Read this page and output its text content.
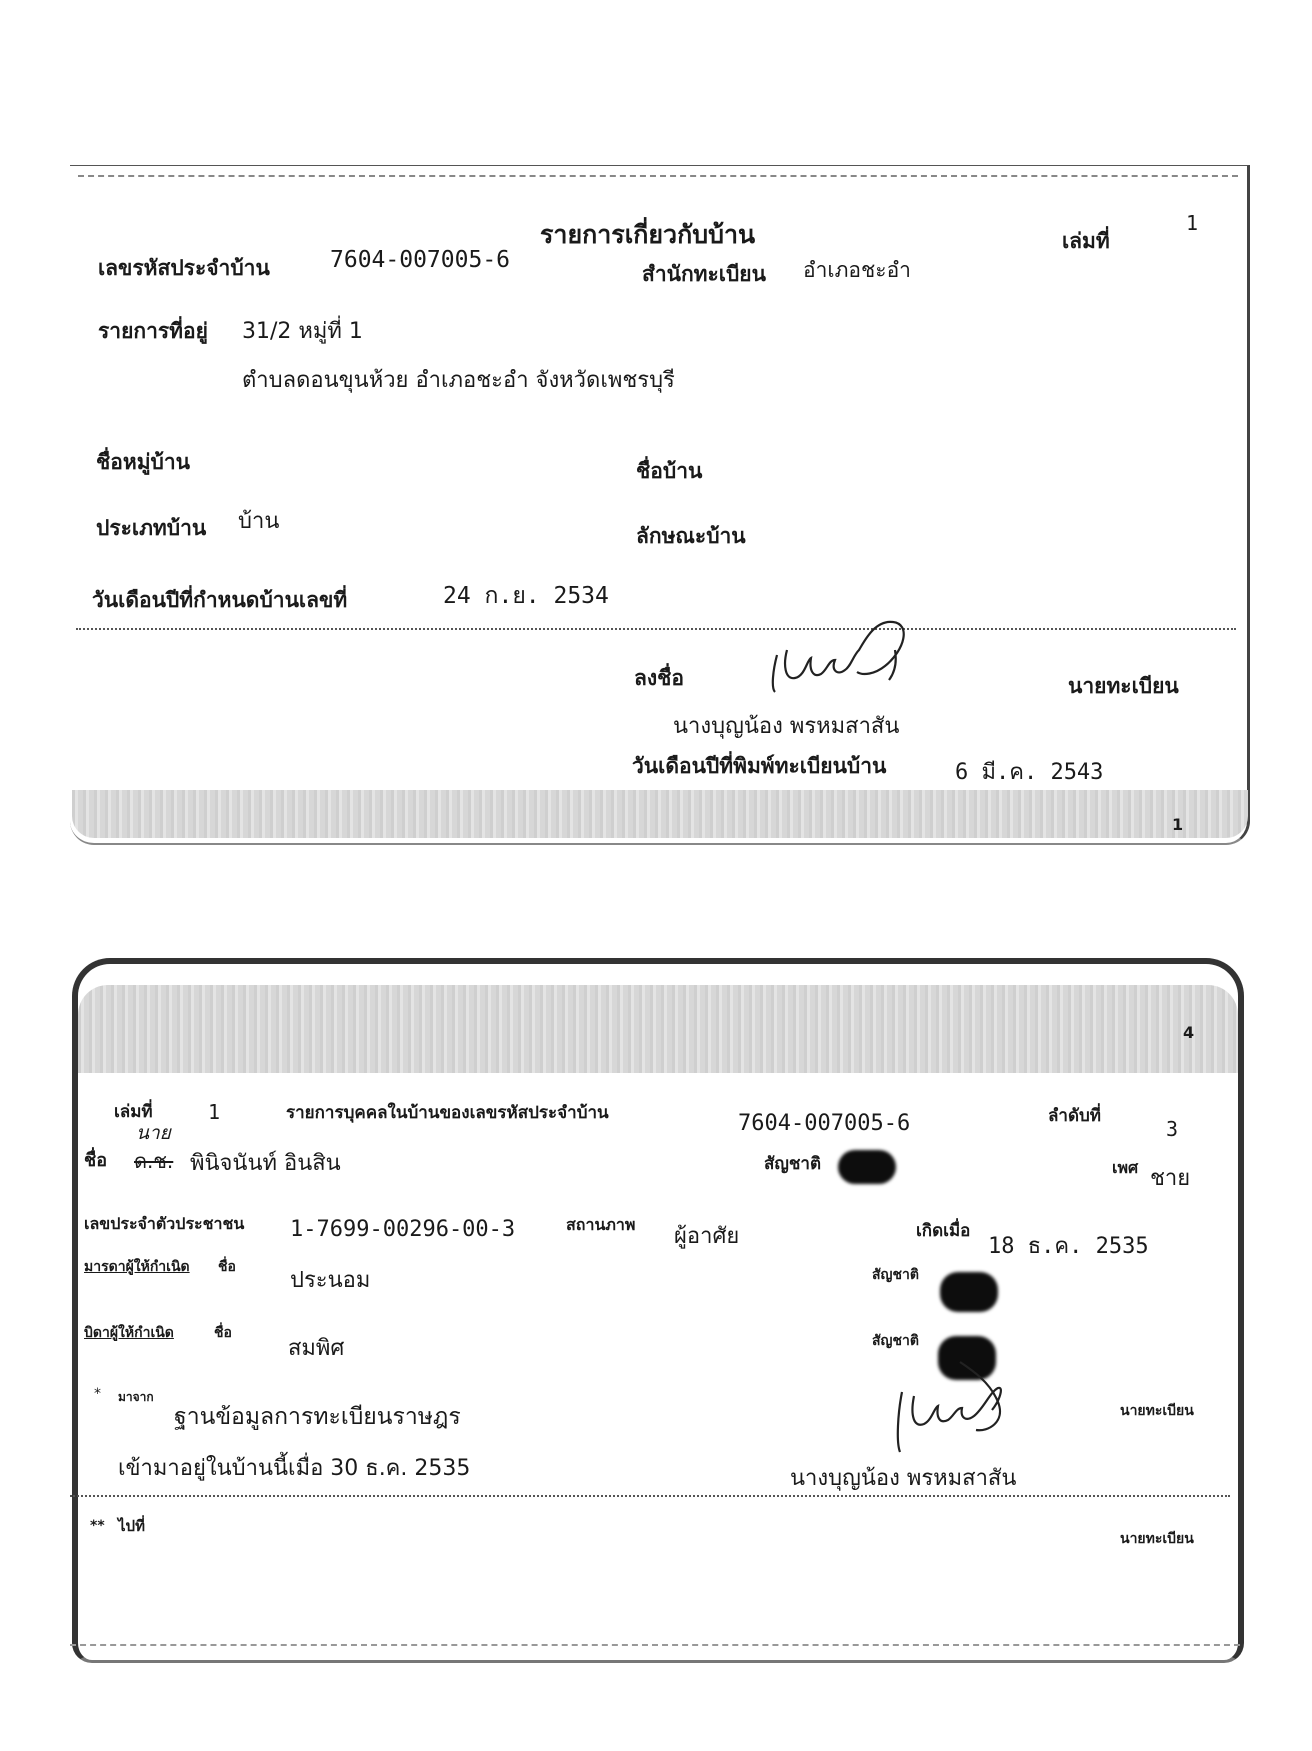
รายการเกี่ยวกับบ้าน	เล่มที่
1
เลขรหัสประจำบ้าน	7604-007005-6
สำนักทะเบียน อำเภอชะอำ
รายการที่อยู่ 31/2 หมู่ที่ 1
ตำบลดอนขุนห้วย อำเภอชะอำ จังหวัดเพชรบุรี
ชื่อหมู่บ้าน	ชื่อบ้าน
ประเภทบ้าน บ้าน
ลักษณะบ้าน
วันเดือนปีที่กำหนดบ้านเลขที่	24 ก.ย. 2534
ลงชื่อ	นายทะเบียน
นางบุญน้อง พรหมสาสัน
วันเดือนปีที่พิมพ์ทะเบียนบ้าน	6 มี.ค. 2543
1
4
เล่มที่	1	รายการบุคคลในบ้านของเลขรหัสประจำบ้าน	7604-007005-6	ลำดับที่
3
นาย
ชื่อ ด.ช. พินิจนันท์ อินสิน	สัญชาติ	เพศ ชาย
เลขประจำตัวประชาชน 1-7699-00296-00-3	สถานภาพ ผู้อาศัย	เกิดเมื่อ
18 ธ.ค. 2535
มารดาผู้ให้กำเนิด ชื่อ
ประนอม	สัญชาติ
บิดาผู้ให้กำเนิด	ชื่อ
สมพิศ	สัญชาติ
* มาจาก
ฐานข้อมูลการทะเบียนราษฎร
เข้ามาอยู่ในบ้านนี้เมื่อ 30 ธ.ค. 2535
นายทะเบียน
นางบุญน้อง พรหมสาสัน
** ไปที่
นายทะเบียน
